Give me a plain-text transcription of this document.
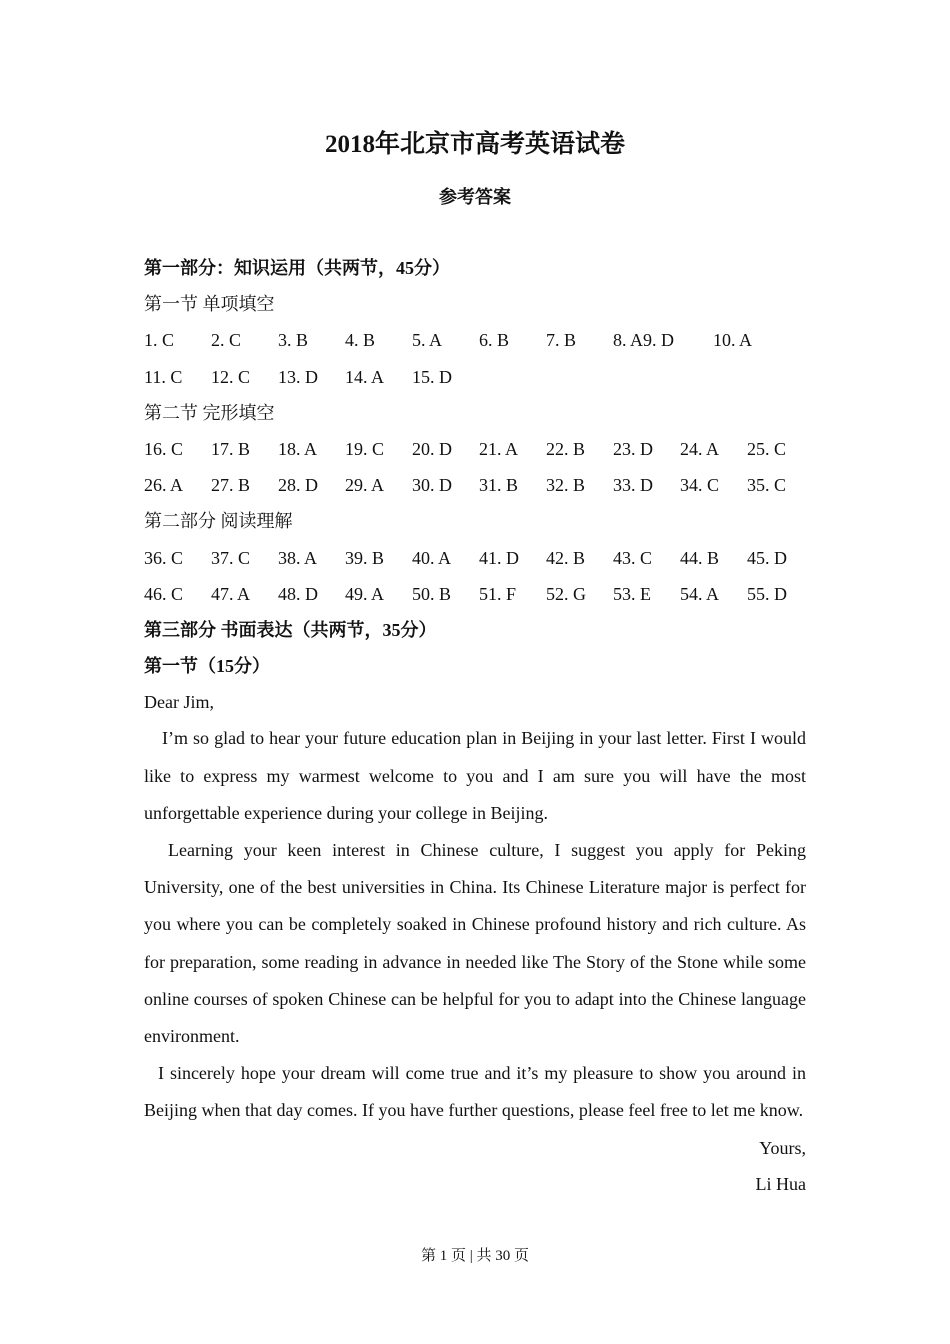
2018年北京市高考英语试卷
参考答案
第一部分：知识运用（共两节，45分）
第一节 单项填空
1. C 2. C 3. B 4. B 5. A 6. B 7. B 8. A9. D 10. A
11. C 12. C 13. D 14. A 15. D
第二节 完形填空
16. C 17. B 18. A 19. C 20. D 21. A 22. B 23. D 24. A 25. C
26. A 27. B 28. D 29. A 30. D 31. B 32. B 33. D 34. C 35. C
第二部分 阅读理解
36. C 37. C 38. A 39. B 40. A 41. D 42. B 43. C 44. B 45. D
46. C 47. A 48. D 49. A 50. B 51. F 52. G 53. E 54. A 55. D
第三部分 书面表达（共两节，35分）
第一节（15分）
Dear Jim,

I’m so glad to hear your future education plan in Beijing in your last letter. First I would like to express my warmest welcome to you and I am sure you will have the most unforgettable experience during your college in Beijing.

Learning your keen interest in Chinese culture, I suggest you apply for Peking University, one of the best universities in China. Its Chinese Literature major is perfect for you where you can be completely soaked in Chinese profound history and rich culture. As for preparation, some reading in advance in needed like The Story of the Stone while some online courses of spoken Chinese can be helpful for you to adapt into the Chinese language environment.

I sincerely hope your dream will come true and it’s my pleasure to show you around in Beijing when that day comes. If you have further questions, please feel free to let me know.

Yours,
Li Hua
第 1 页 | 共 30 页
